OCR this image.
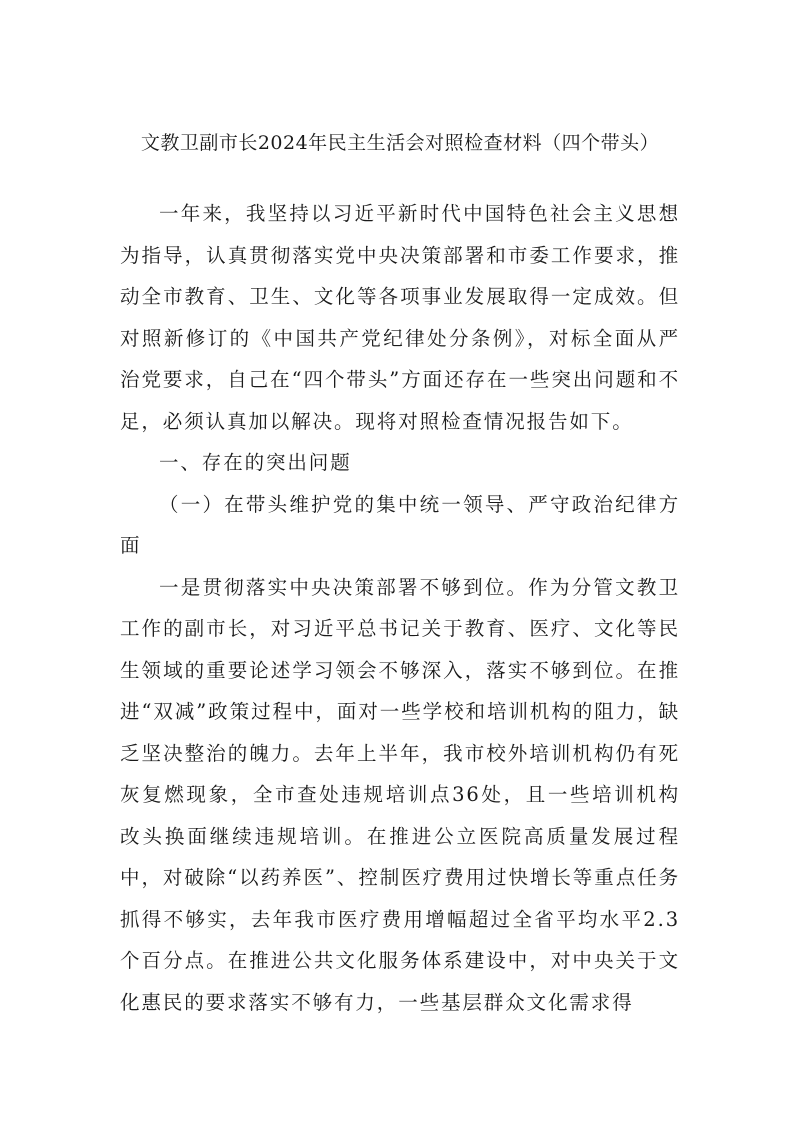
文教卫副市长2024年民主生活会对照检查材料（四个带头）

一年来，我坚持以习近平新时代中国特色社会主义思想为指导，认真贯彻落实党中央决策部署和市委工作要求，推动全市教育、卫生、文化等各项事业发展取得一定成效。但对照新修订的《中国共产党纪律处分条例》，对标全面从严治党要求，自己在“四个带头”方面还存在一些突出问题和不足，必须认真加以解决。现将对照检查情况报告如下。

一、存在的突出问题

（一）在带头维护党的集中统一领导、严守政治纪律方面

一是贯彻落实中央决策部署不够到位。作为分管文教卫工作的副市长，对习近平总书记关于教育、医疗、文化等民生领域的重要论述学习领会不够深入，落实不够到位。在推进“双减”政策过程中，面对一些学校和培训机构的阻力，缺乏坚决整治的魄力。去年上半年，我市校外培训机构仍有死灰复燃现象，全市查处违规培训点36处，且一些培训机构改头换面继续违规培训。在推进公立医院高质量发展过程中，对破除“以药养医”、控制医疗费用过快增长等重点任务抓得不够实，去年我市医疗费用增幅超过全省平均水平2.3个百分点。在推进公共文化服务体系建设中，对中央关于文化惠民的要求落实不够有力，一些基层群众文化需求得
